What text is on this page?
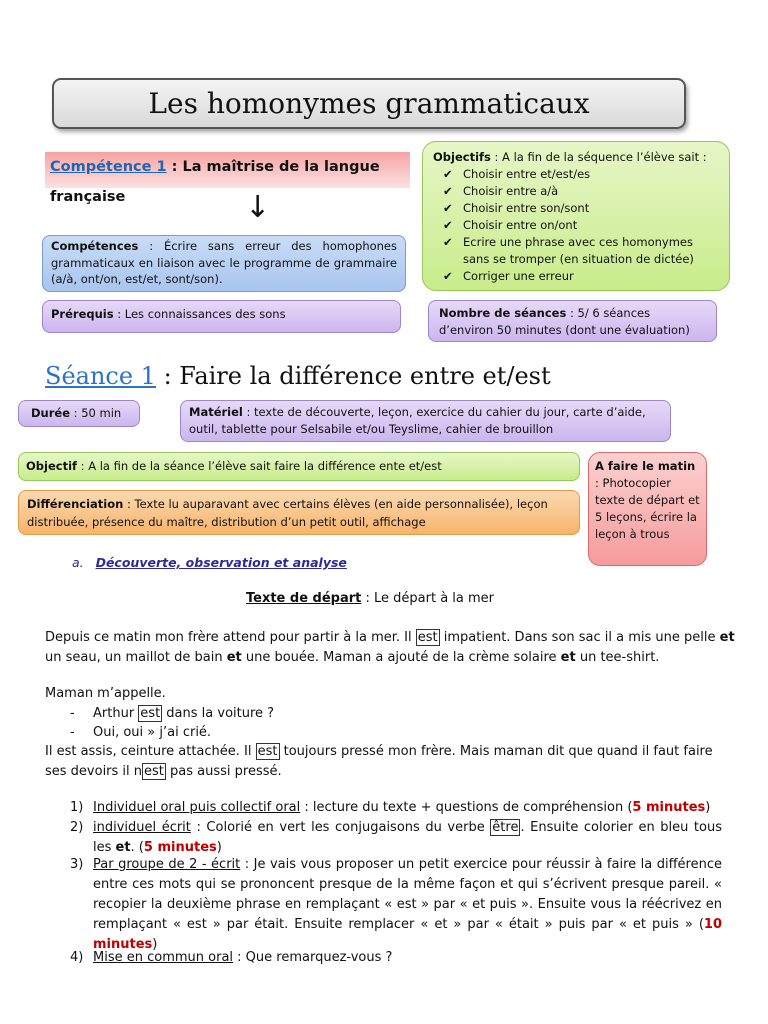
Les homonymes grammaticaux
Compétence 1 : La maîtrise de la langue française	↓
Compétences : Écrire sans erreur des homophones grammaticaux en liaison avec le programme de grammaire (a/à, ont/on, est/et, sont/son).
Prérequis : Les connaissances des sons
Objectifs : A la fin de la séquence l’élève sait :
✔ Choisir entre et/est/es
✔ Choisir entre a/à
✔ Choisir entre son/sont
✔ Choisir entre on/ont
✔ Ecrire une phrase avec ces homonymes
sans se tromper (en situation de dictée)
✔ Corriger une erreur
Nombre de séances : 5/ 6 séances d’environ 50 minutes (dont une évaluation)
Séance 1 : Faire la différence entre et/est
Durée : 50 min	Matériel : texte de découverte, leçon, exercice du cahier du jour, carte d’aide, outil, tablette pour Selsabile et/ou Teyslime, cahier de brouillon
Objectif : A la fin de la séance l’élève sait faire la différence ente et/est
Différenciation : Texte lu auparavant avec certains élèves (en aide personnalisée), leçon distribuée, présence du maître, distribution d’un petit outil, affichage
A faire le matin : Photocopier texte de départ et 5 leçons, écrire la leçon à trous
a. Découverte, observation et analyse
Texte de départ : Le départ à la mer
Depuis ce matin mon frère attend pour partir à la mer. Il est impatient. Dans son sac il a mis une pelle et un seau, un maillot de bain et une bouée. Maman a ajouté de la crème solaire et un tee-shirt.
Maman m’appelle.
- Arthur est dans la voiture ?
- Oui, oui » j’ai crié.
Il est assis, ceinture attachée. Il est toujours pressé mon frère. Mais maman dit que quand il faut faire ses devoirs il n est pas aussi pressé.
1) Individuel oral puis collectif oral : lecture du texte + questions de compréhension (5 minutes)
2) individuel écrit : Colorié en vert les conjugaisons du verbe être . Ensuite colorier en bleu tous les et. (5 minutes)
3) Par groupe de 2 - écrit : Je vais vous proposer un petit exercice pour réussir à faire la différence entre ces mots qui se prononcent presque de la même façon et qui s’écrivent presque pareil. « recopier la deuxième phrase en remplaçant « est » par « et puis ». Ensuite vous la réécrivez en remplaçant « est » par était. Ensuite remplacer « et » par « était » puis par « et puis » (10 minutes)
4) Mise en commun oral : Que remarquez-vous ?
